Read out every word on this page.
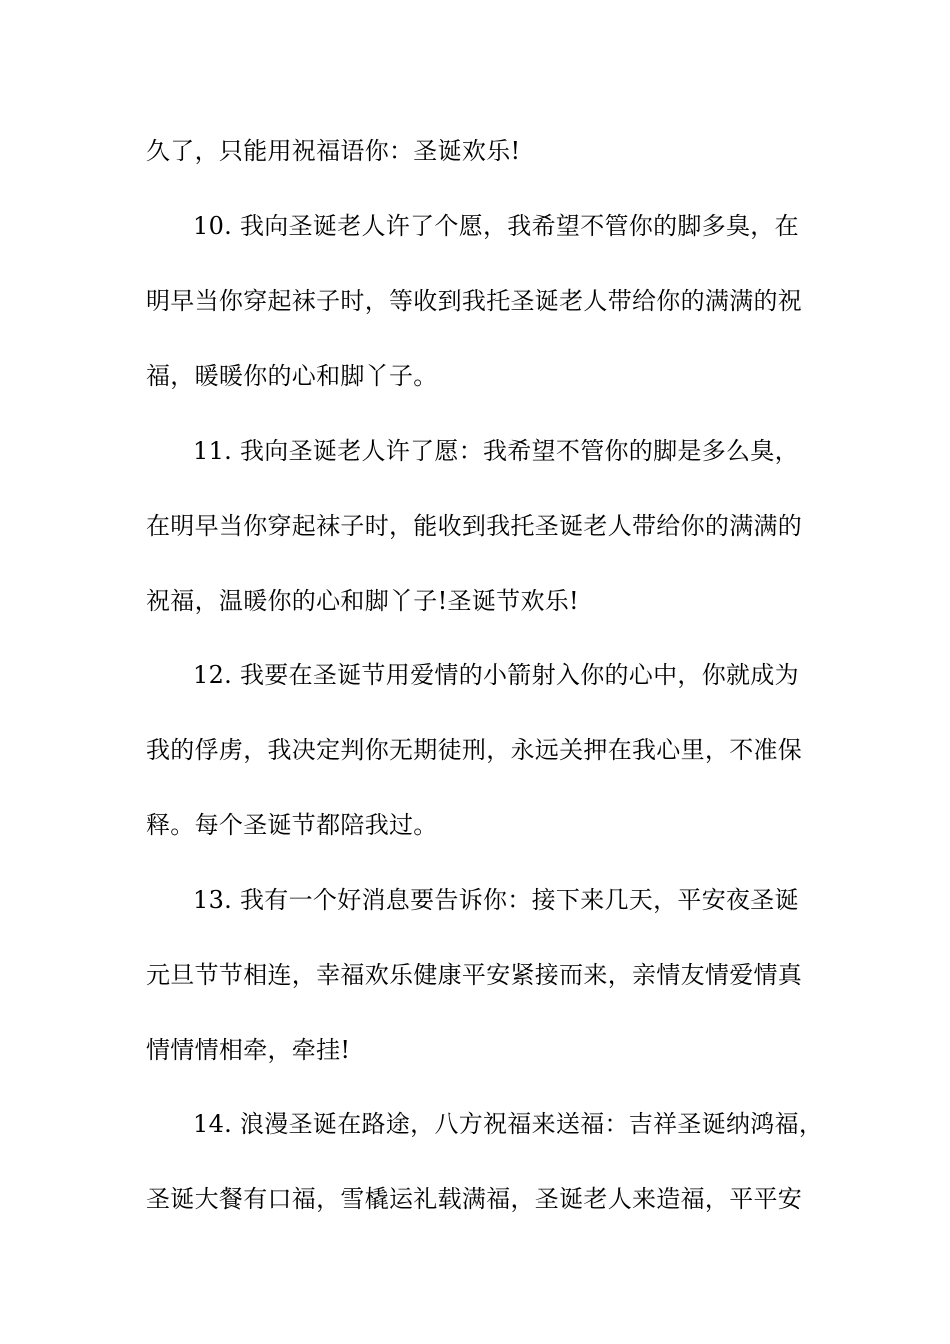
久了，只能用祝福语你：圣诞欢乐!
10. 我向圣诞老人许了个愿，我希望不管你的脚多臭，在
明早当你穿起袜子时，等收到我托圣诞老人带给你的满满的祝
福，暖暖你的心和脚丫子。
11. 我向圣诞老人许了愿：我希望不管你的脚是多么臭，
在明早当你穿起袜子时，能收到我托圣诞老人带给你的满满的
祝福，温暖你的心和脚丫子!圣诞节欢乐!
12. 我要在圣诞节用爱情的小箭射入你的心中，你就成为
我的俘虏，我决定判你无期徒刑，永远关押在我心里，不准保
释。每个圣诞节都陪我过。
13. 我有一个好消息要告诉你：接下来几天，平安夜圣诞
元旦节节相连，幸福欢乐健康平安紧接而来，亲情友情爱情真
情情情相牵，牵挂!
14. 浪漫圣诞在路途，八方祝福来送福：吉祥圣诞纳鸿福，
圣诞大餐有口福，雪橇运礼载满福，圣诞老人来造福，平平安
